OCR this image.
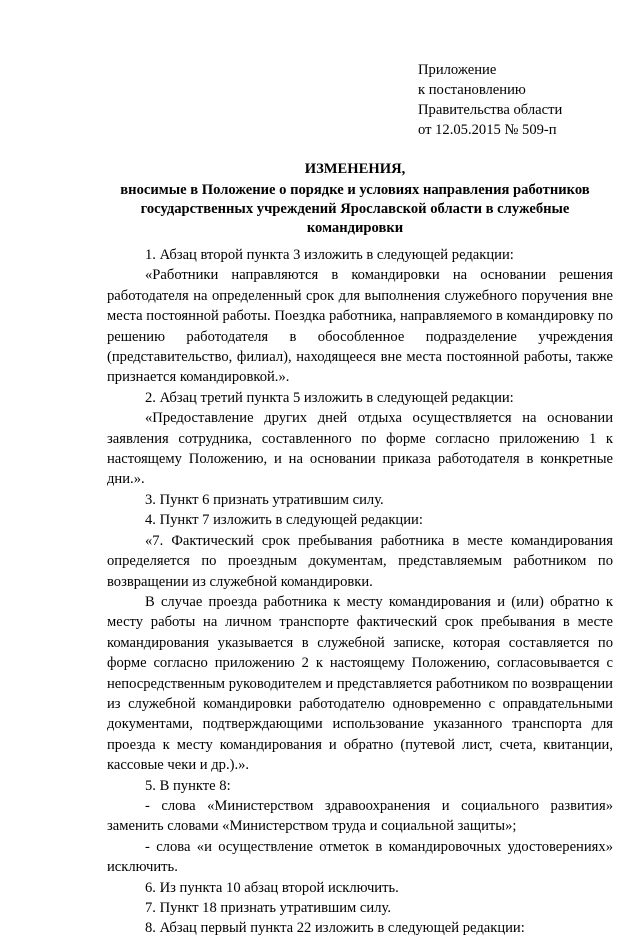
Приложение
к постановлению
Правительства области
от 12.05.2015 № 509-п
ИЗМЕНЕНИЯ,
вносимые в Положение о порядке и условиях направления работников государственных учреждений Ярославской области в служебные командировки

1. Абзац второй пункта 3 изложить в следующей редакции:

«Работники направляются в командировки на основании решения работодателя на определенный срок для выполнения служебного поручения вне места постоянной работы. Поездка работника, направляемого в командировку по решению работодателя в обособленное подразделение учреждения (представительство, филиал), находящееся вне места постоянной работы, также признается командировкой.».

2. Абзац третий пункта 5 изложить в следующей редакции:

«Предоставление других дней отдыха осуществляется на основании заявления сотрудника, составленного по форме согласно приложению 1 к настоящему Положению, и на основании приказа работодателя в конкретные дни.».

3. Пункт 6 признать утратившим силу.

4. Пункт 7 изложить в следующей редакции:

«7. Фактический срок пребывания работника в месте командирования определяется по проездным документам, представляемым работником по возвращении из служебной командировки.

В случае проезда работника к месту командирования и (или) обратно к месту работы на личном транспорте фактический срок пребывания в месте командирования указывается в служебной записке, которая составляется по форме согласно приложению 2 к настоящему Положению, согласовывается с непосредственным руководителем и представляется работником по возвращении из служебной командировки работодателю одновременно с оправдательными документами, подтверждающими использование указанного транспорта для проезда к месту командирования и обратно (путевой лист, счета, квитанции, кассовые чеки и др.).».

5. В пункте 8:

- слова «Министерством здравоохранения и социального развития» заменить словами «Министерством труда и социальной защиты»;

- слова «и осуществление отметок в командировочных удостоверениях» исключить.

6. Из пункта 10 абзац второй исключить.

7. Пункт 18 признать утратившим силу.

8. Абзац первый пункта 22 изложить в следующей редакции:
